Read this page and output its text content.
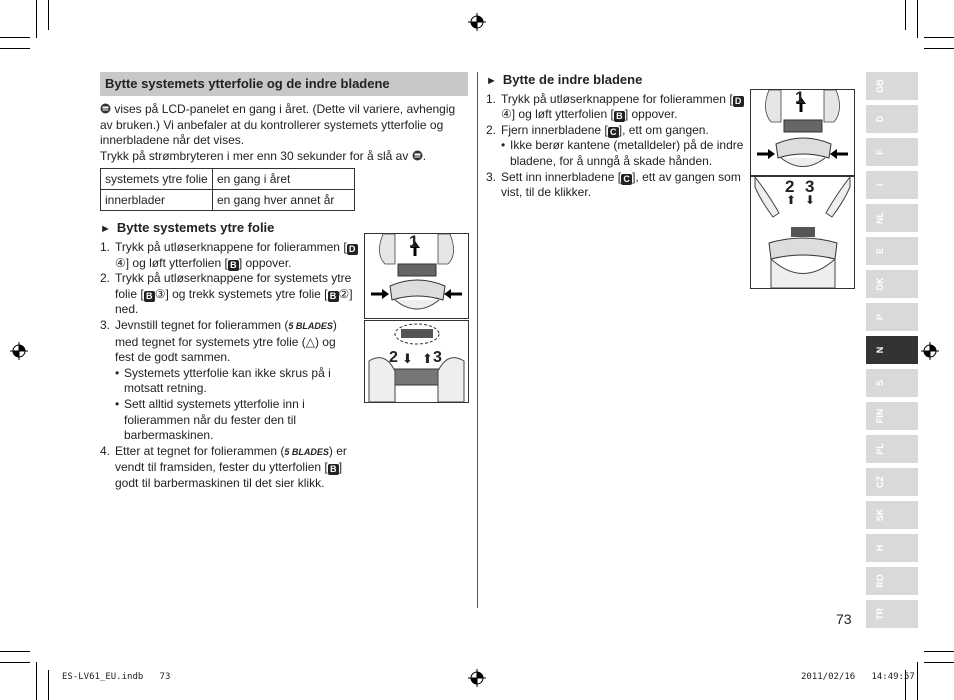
Bytte systemets ytterfolie og de indre bladene

vises på LCD-panelet en gang i året. (Dette vil variere, avhengig av bruken.) Vi anbefaler at du kontrollerer systemets ytterfolie og innerbladene når det vises.

Trykk på strømbryteren i mer enn 30 sekunder for å slå av .

systemets ytre folie	en gang i året
innerblader	en gang hver annet år
► Bytte systemets ytre folie
1. Trykk på utløserknappene for folierammen [ D④] og løft ytterfolien [ B ] oppover.
2. Trykk på utløserknappene for systemets ytre folie [ B ③] og trekk systemets ytre folie [ B ②] ned.
3. Jevnstill tegnet for folierammen (5 BLADES) med tegnet for systemets ytre folie (△) og fest de godt sammen.
• Systemets ytterfolie kan ikke skrus på i motsatt retning.
• Sett alltid systemets ytterfolie inn i folierammen når du fester den til barbermaskinen.
4. Etter at tegnet for folierammen (5 BLADES) er vendt til framsiden, fester du ytterfolien [ B ] godt til barbermaskinen til det sier klikk.
1
2 ⬇ ⬆ 3
► Bytte de indre bladene
1. Trykk på utløserknappene for folierammen [ D④] og løft ytterfolien [ B ] oppover.
2. Fjern innerbladene [ C ], ett om gangen.
• Ikke berør kantene (metalldeler) på de indre bladene, for å unngå å skade hånden.
3. Sett inn innerbladene [ C ], ett av gangen som vist, til de klikker.
1
2
⬆
3
⬇
73
GB
D
F
I
NL
E
DK
P
N
S
FIN
PL
CZ
SK
H
RO
TR
ES-LV61_EU.indb   73	2011/02/16   14:49:57
